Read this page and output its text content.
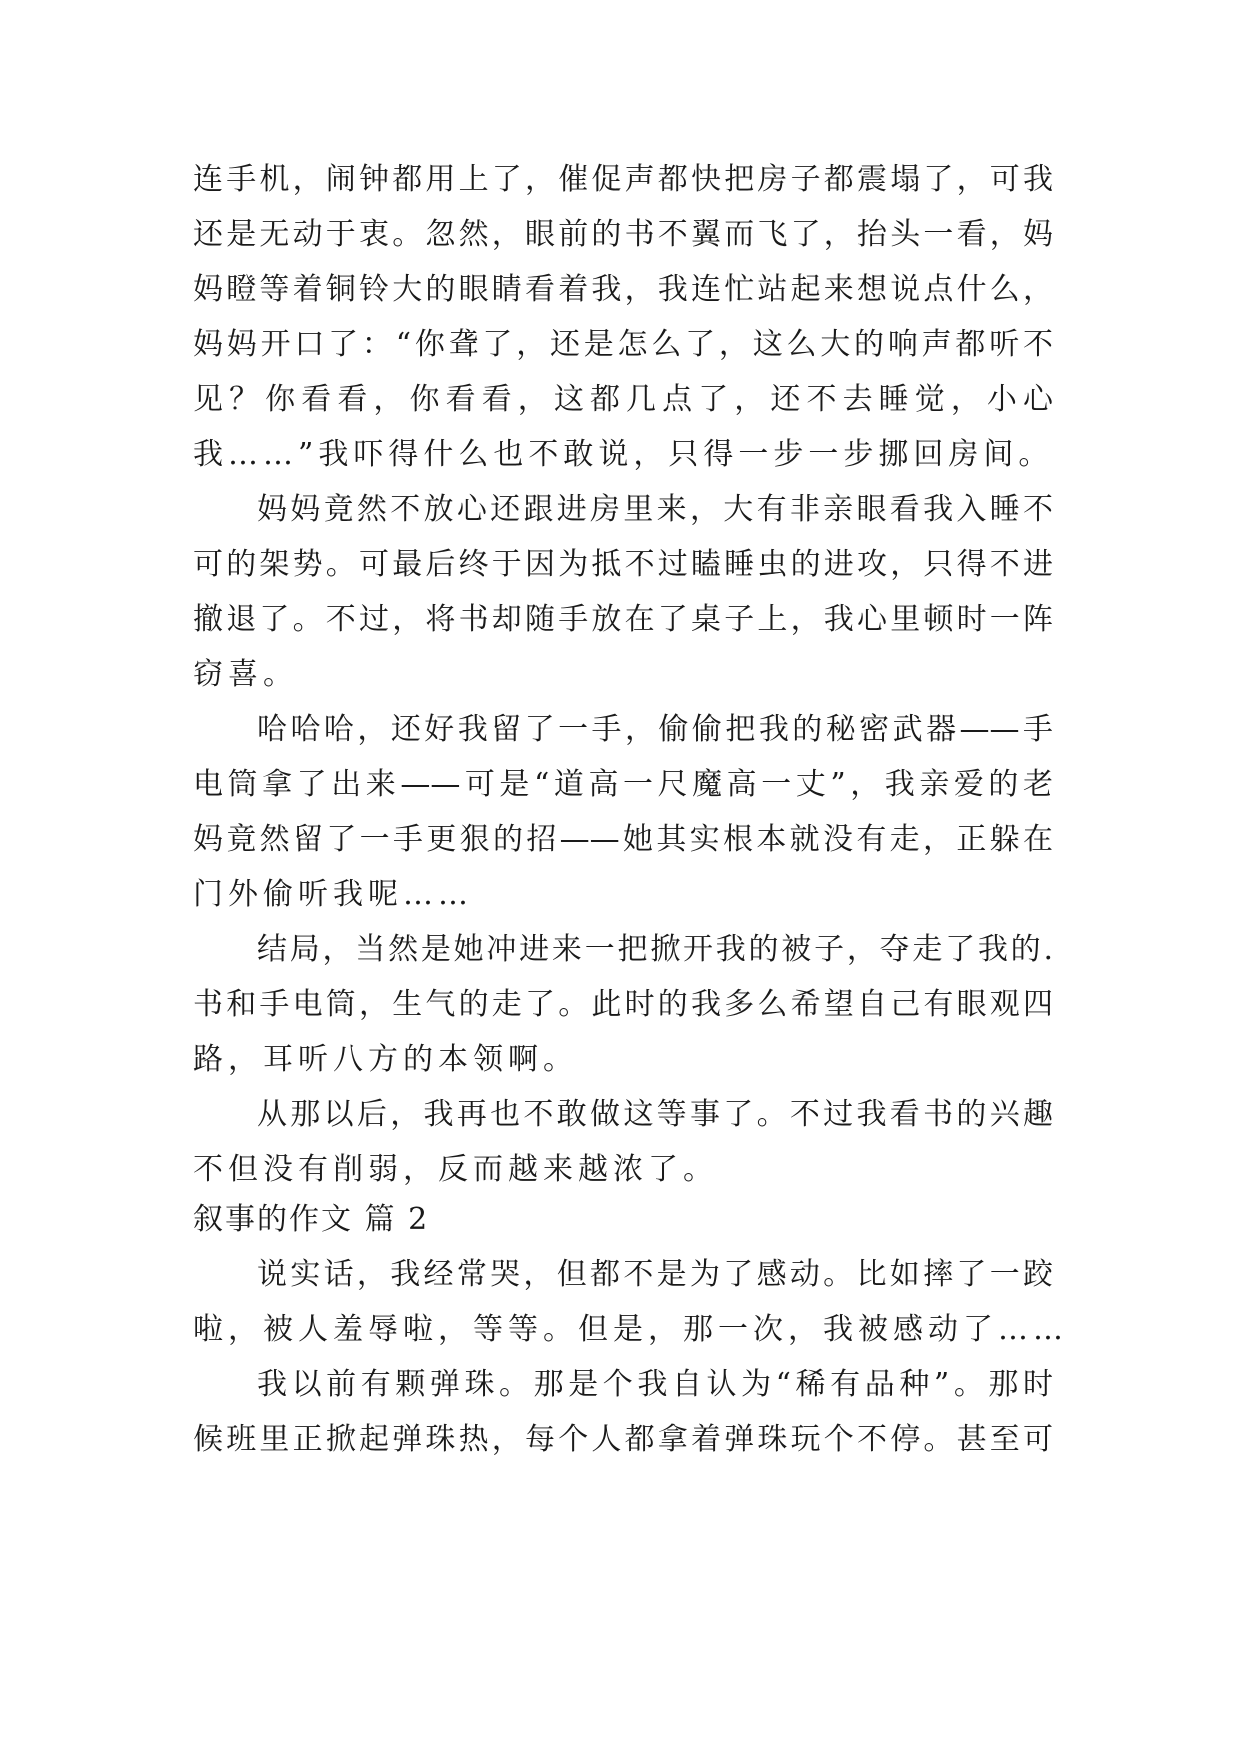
连手机，闹钟都用上了，催促声都快把房子都震塌了，可我
还是无动于衷。忽然，眼前的书不翼而飞了，抬头一看，妈
妈瞪等着铜铃大的眼睛看着我，我连忙站起来想说点什么，
妈妈开口了：“你聋了，还是怎么了，这么大的响声都听不
见？你看看，你看看，这都几点了，还不去睡觉，小心
我……”我吓得什么也不敢说，只得一步一步挪回房间。
妈妈竟然不放心还跟进房里来，大有非亲眼看我入睡不
可的架势。可最后终于因为抵不过瞌睡虫的进攻，只得不进
撤退了。不过，将书却随手放在了桌子上，我心里顿时一阵
窃喜。
哈哈哈，还好我留了一手，偷偷把我的秘密武器——手
电筒拿了出来——可是“道高一尺魔高一丈”，我亲爱的老
妈竟然留了一手更狠的招——她其实根本就没有走，正躲在
门外偷听我呢……
结局，当然是她冲进来一把掀开我的被子，夺走了我的.
书和手电筒，生气的走了。此时的我多么希望自己有眼观四
路，耳听八方的本领啊。
从那以后，我再也不敢做这等事了。不过我看书的兴趣
不但没有削弱，反而越来越浓了。
叙事的作文 篇 2
说实话，我经常哭，但都不是为了感动。比如摔了一跤
啦，被人羞辱啦，等等。但是，那一次，我被感动了……
我以前有颗弹珠。那是个我自认为“稀有品种”。那时
候班里正掀起弹珠热，每个人都拿着弹珠玩个不停。甚至可
